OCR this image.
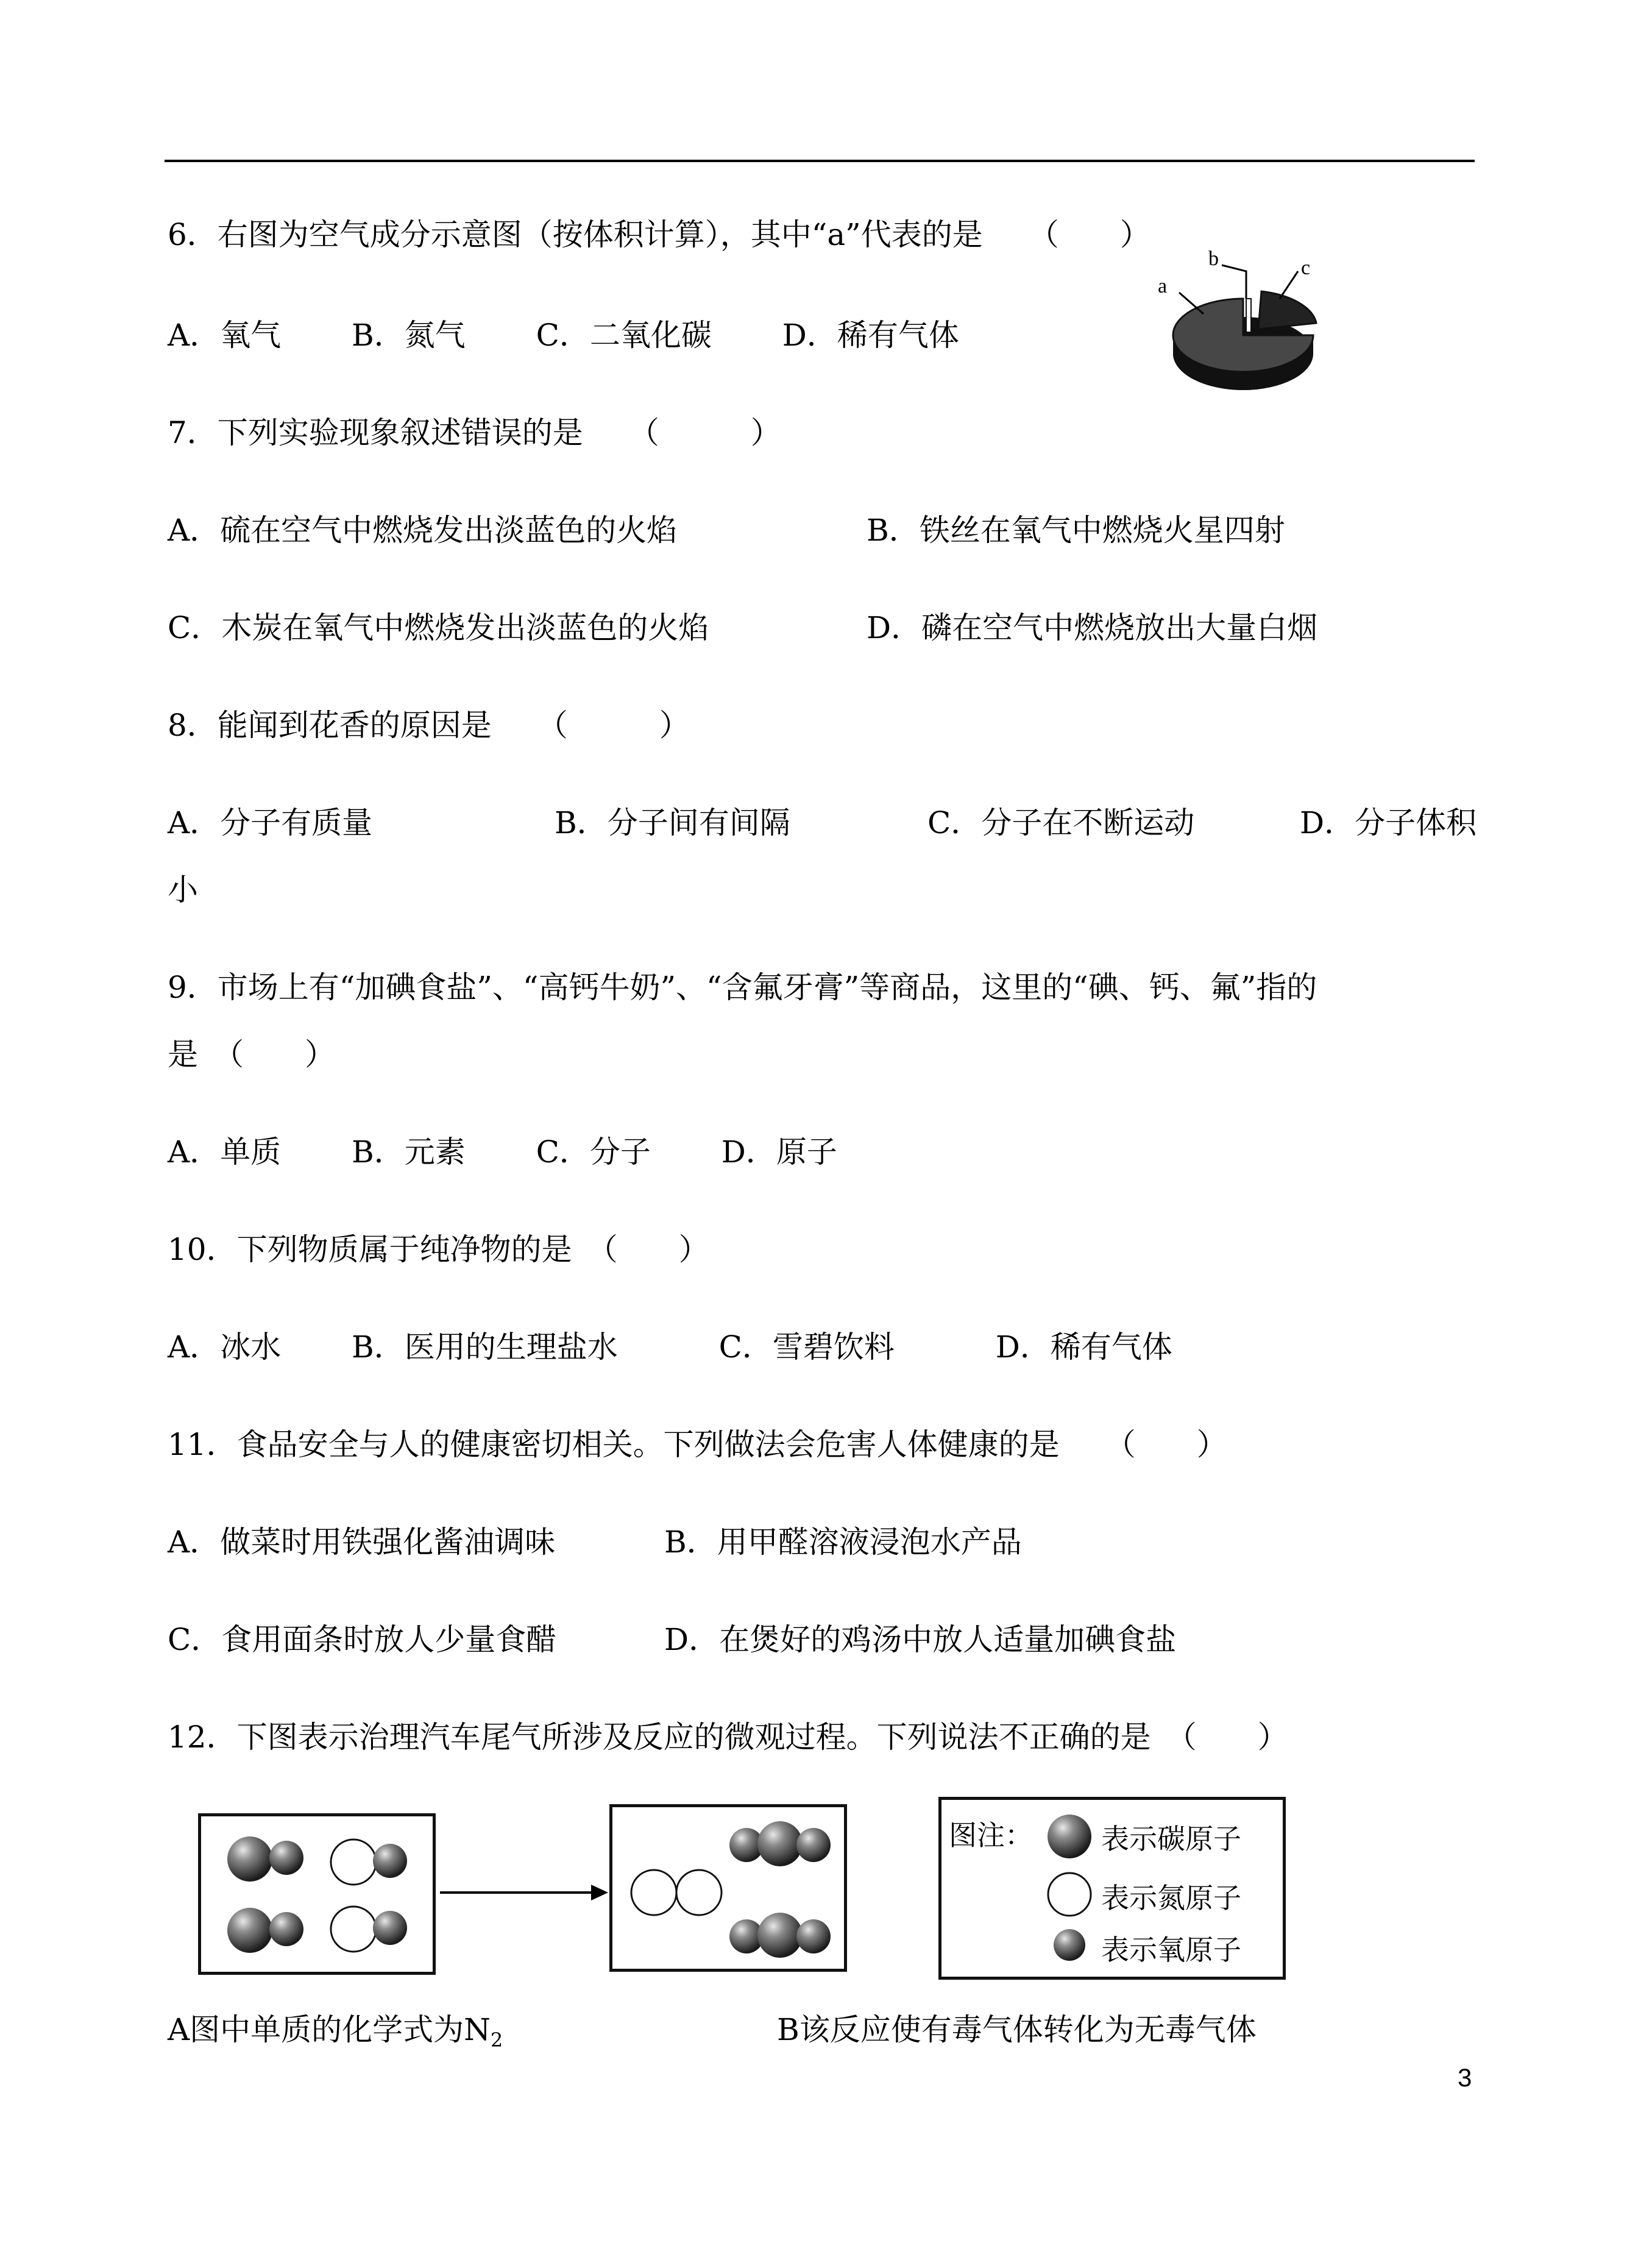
6．右图为空气成分示意图（按体积计算），其中“a”代表的是　　（　　）
A．氧气　　 B．氮气　　 C．二氧化碳　　 D．稀有气体
a
b	c
7．下列实验现象叙述错误的是　　（　　　）
A．硫在空气中燃烧发出淡蓝色的火焰	B．铁丝在氧气中燃烧火星四射
C．木炭在氧气中燃烧发出淡蓝色的火焰	D．磷在空气中燃烧放出大量白烟
8．能闻到花香的原因是　　（　　　）
A．分子有质量	B．分子间有间隔	C．分子在不断运动	D．分子体积
小
9．市场上有“加碘食盐”、“高钙牛奶”、“含氟牙膏”等商品，这里的“碘、钙、氟”指的
是　（　　）
A．单质　　 B．元素　　 C．分子　　 D．原子
10．下列物质属于纯净物的是　（　　）
A．冰水　　 B．医用的生理盐水　　　 C．雪碧饮料　　　 D．稀有气体
11．食品安全与人的健康密切相关。下列做法会危害人体健康的是　　（　　）
A．做菜时用铁强化酱油调味	B．用甲醛溶液浸泡水产品
C．食用面条时放人少量食醋	D．在煲好的鸡汤中放人适量加碘食盐
12．下图表示治理汽车尾气所涉及反应的微观过程。下列说法不正确的是　（　　）
图注： 表示碳原子
表示氮原子
表示氧原子
A图中单质的化学式为$N_2$	B该反应使有毒气体转化为无毒气体
3
